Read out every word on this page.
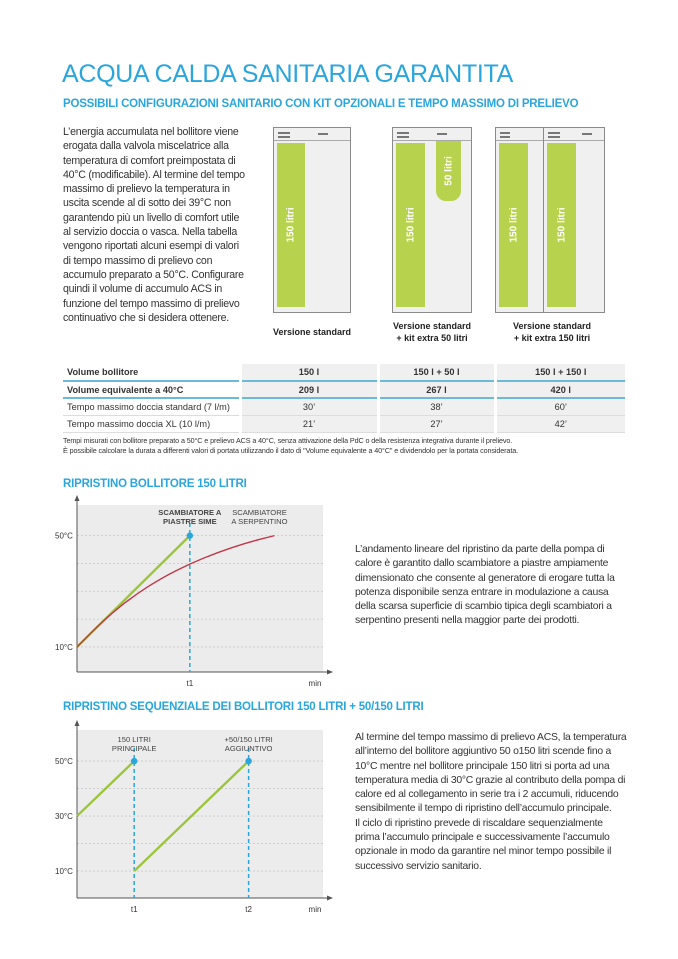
ACQUA CALDA SANITARIA GARANTITA
POSSIBILI CONFIGURAZIONI SANITARIO CON KIT OPZIONALI E TEMPO MASSIMO DI PRELIEVO
L’energia accumulata nel bollitore viene erogata dalla valvola miscelatrice alla temperatura di comfort preimpostata di 40°C (modificabile). Al termine del tempo massimo di prelievo la temperatura in uscita scende al di sotto dei 39°C non garantendo più un livello di comfort utile al servizio doccia o vasca. Nella tabella vengono riportati alcuni esempi di valori di tempo massimo di prelievo con accumulo preparato a 50°C. Configurare quindi il volume di accumulo ACS in funzione del tempo massimo di prelievo continuativo che si desidera ottenere.
150 litri	150 litri
50 litri
150 litri	150 litri
Versione standard
Versione standard
+ kit extra 50 litri
Versione standard
+ kit extra 150 litri
Volume bollitore	150 l	150 l + 50 l	150 l + 150 l
Volume equivalente a 40°C	209 l	267 l	420 l
Tempo massimo doccia standard (7 l/m)	30’	38’	60’
Tempo massimo doccia XL (10 l/m)	21’	27’	42’
Tempi misurati con bollitore preparato a 50°C e prelievo ACS a 40°C, senza attivazione della PdC o della resistenza integrativa durante il prelievo.
È possibile calcolare la durata a differenti valori di portata utilizzando il dato di "Volume equivalente a 40°C" e dividendolo per la portata considerata.
RIPRISTINO BOLLITORE 150 LITRI
50°C
10°C
t1	min
SCAMBIATORE A
PIASTRE SIME
SCAMBIATORE
A SERPENTINO
L’andamento lineare del ripristino da parte della pompa di calore è garantito dallo scambiatore a piastre ampiamente dimensionato che consente al generatore di erogare tutta la potenza disponibile senza entrare in modulazione a causa della scarsa superficie di scambio tipica degli scambiatori a serpentino presenti nella maggior parte dei prodotti.
RIPRISTINO SEQUENZIALE DEI BOLLITORI 150 LITRI + 50/150 LITRI
50°C
30°C
10°C
t1	t2	min
150 LITRI
PRINCIPALE
+50/150 LITRI
AGGIUNTIVO
Al termine del tempo massimo di prelievo ACS, la temperatura all’interno del bollitore aggiuntivo 50 o150 litri scende fino a 10°C mentre nel bollitore principale 150 litri si porta ad una temperatura media di 30°C grazie al contributo della pompa di calore ed al collegamento in serie tra i 2 accumuli, riducendo sensibilmente il tempo di ripristino dell’accumulo principale.
Il ciclo di ripristino prevede di riscaldare sequenzialmente prima l’accumulo principale e successivamente l’accumulo opzionale in modo da garantire nel minor tempo possibile il successivo servizio sanitario.
